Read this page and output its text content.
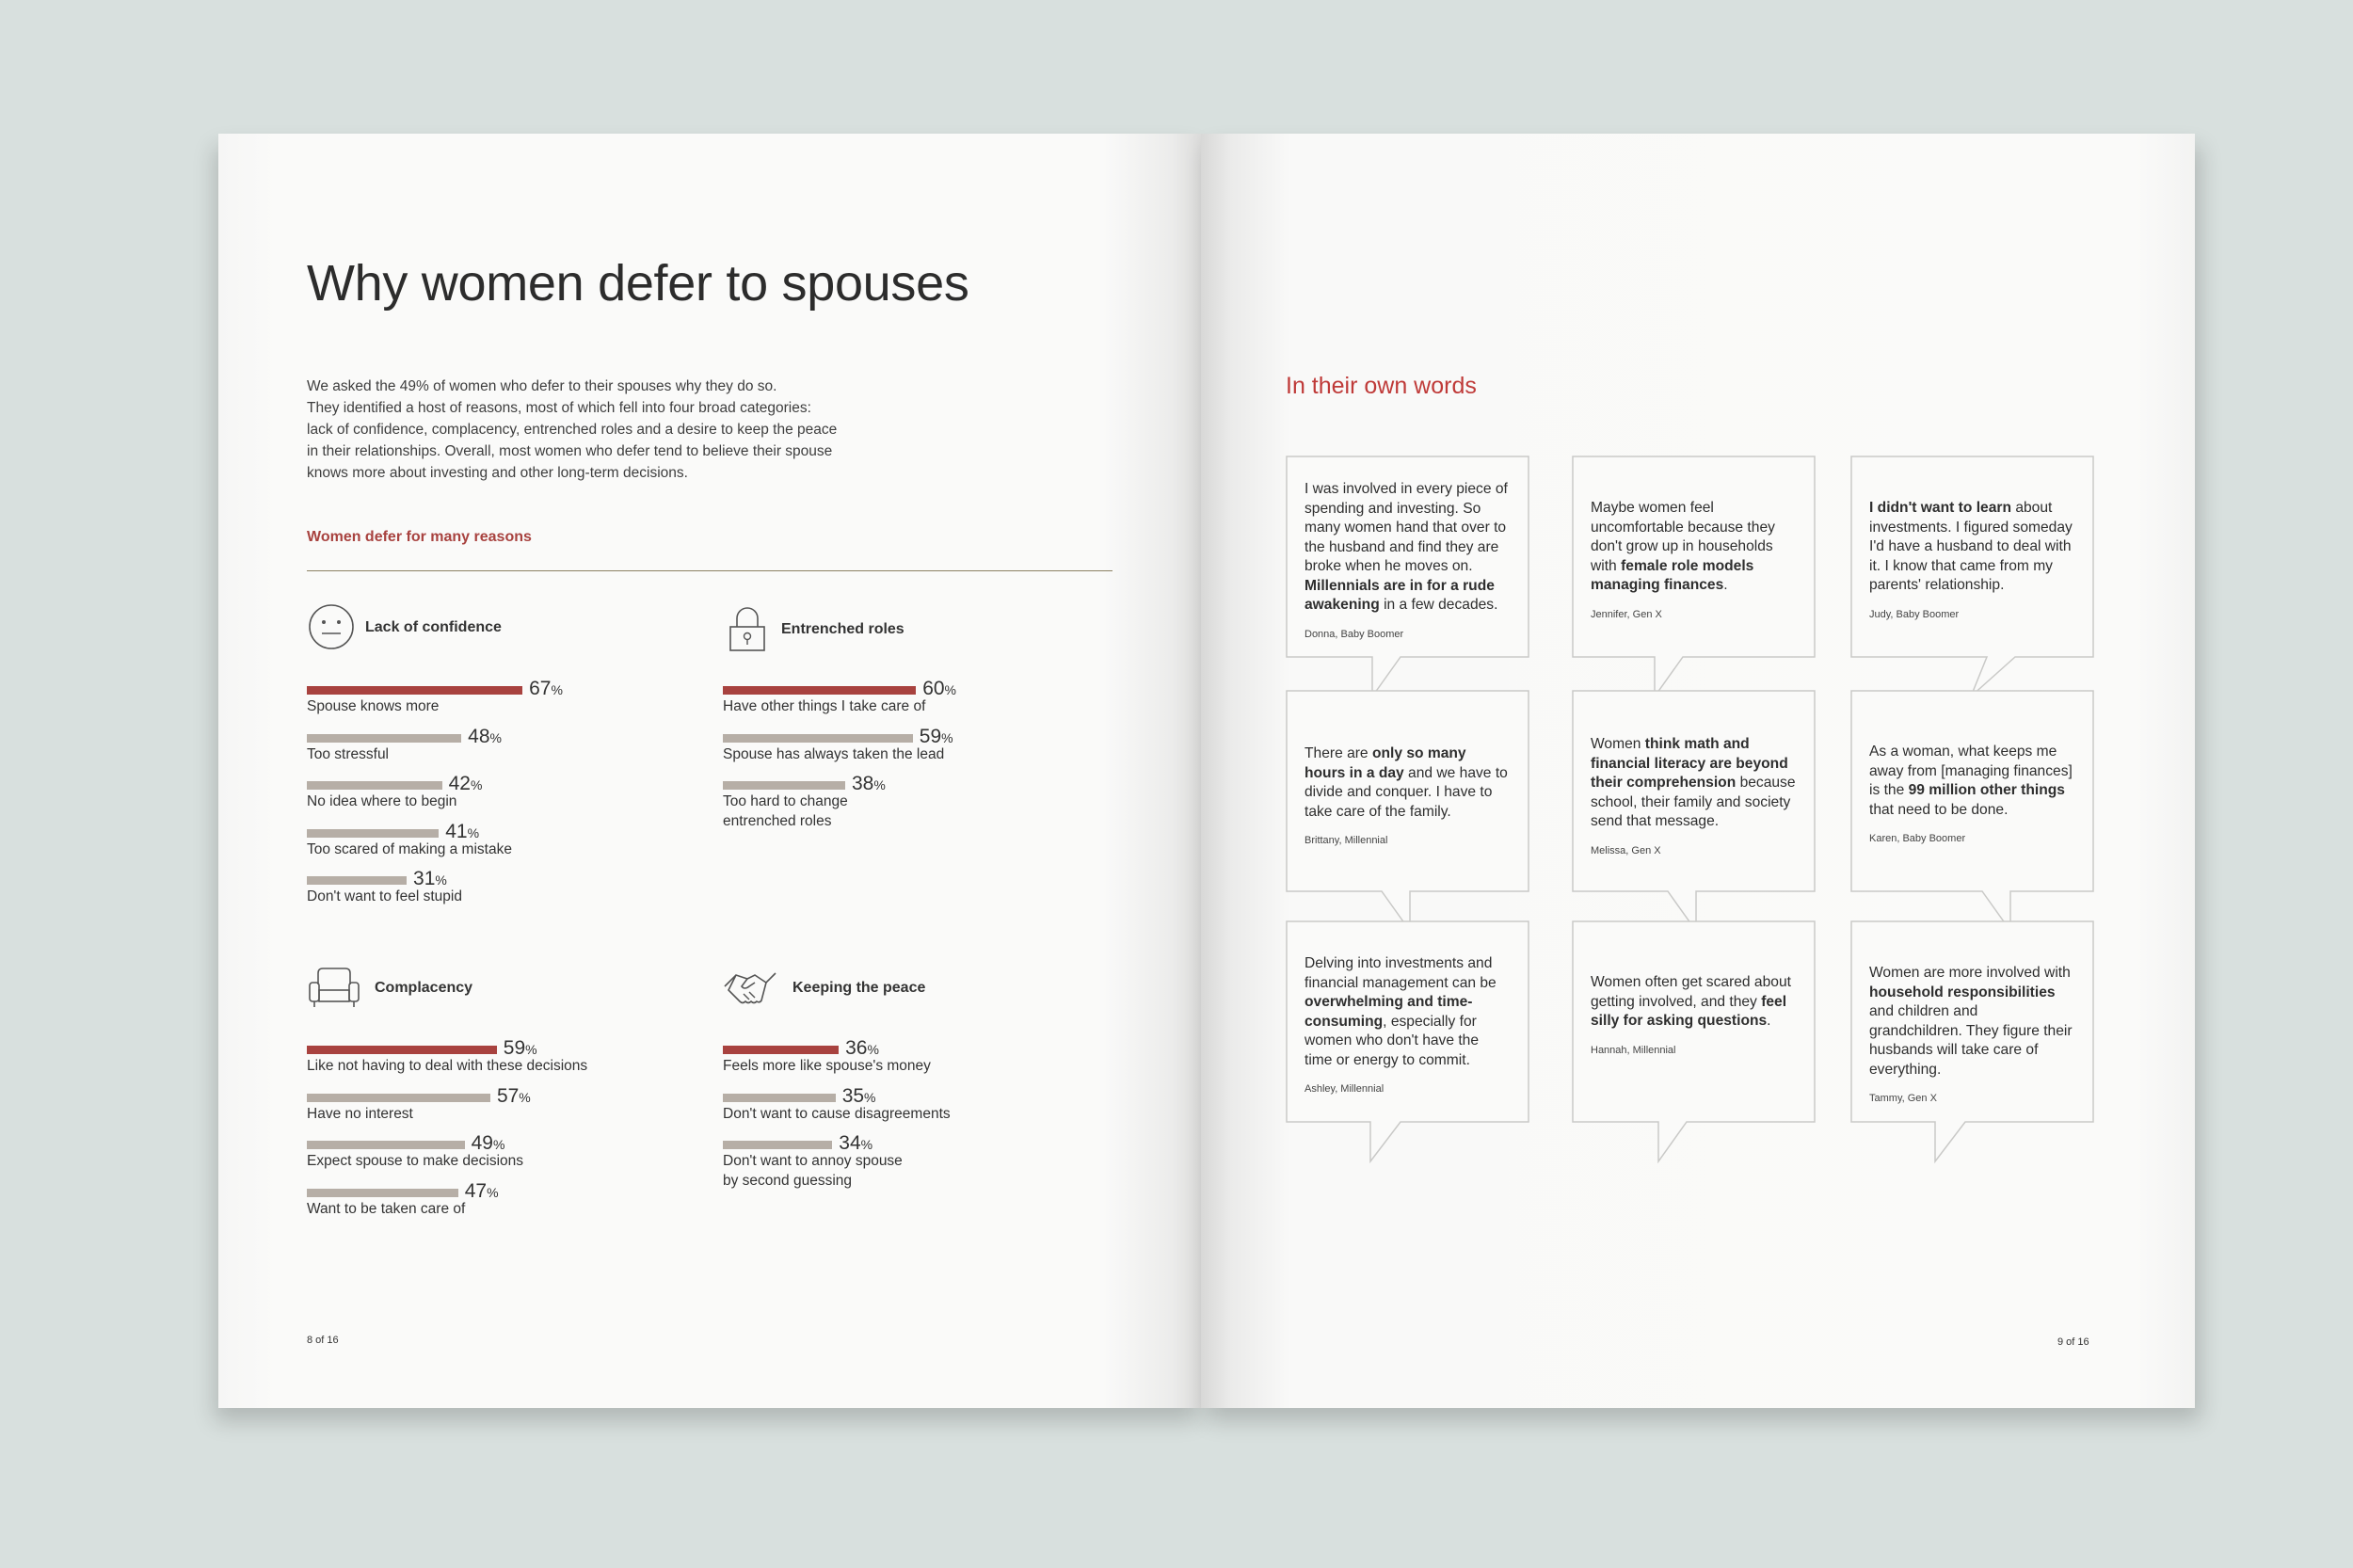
Why women defer to spouses
We asked the 49% of women who defer to their spouses why they do so.
They identified a host of reasons, most of which fell into four broad categories:
lack of confidence, complacency, entrenched roles and a desire to keep the peace
in their relationships. Overall, most women who defer tend to believe their spouse
knows more about investing and other long-term decisions.
Women defer for many reasons
Lack of confidence
67%
Spouse knows more
48%
Too stressful
42%
No idea where to begin
41%
Too scared of making a mistake
31%
Don't want to feel stupid
Entrenched roles
60%
Have other things I take care of
59%
Spouse has always taken the lead
38%
Too hard to change
entrenched roles
Complacency
59%
Like not having to deal with these decisions
57%
Have no interest
49%
Expect spouse to make decisions
47%
Want to be taken care of
Keeping the peace
36%
Feels more like spouse's money
35%
Don't want to cause disagreements
34%
Don't want to annoy spouse
by second guessing
8 of 16
In their own words
I was involved in every piece of spending and investing. So many women hand that over to the husband and find they are broke when he moves on. Millennials are in for a rude awakening in a few decades.
Donna, Baby Boomer
Maybe women feel uncomfortable because they don't grow up in households with female role models managing finances.
Jennifer, Gen X
I didn't want to learn about investments. I figured someday I'd have a husband to deal with it. I know that came from my parents' relationship.
Judy, Baby Boomer
There are only so many hours in a day and we have to divide and conquer. I have to take care of the family.
Brittany, Millennial
Women think math and financial literacy are beyond their comprehension because school, their family and society send that message.
Melissa, Gen X
As a woman, what keeps me away from [managing finances] is the 99 million other things that need to be done.
Karen, Baby Boomer
Delving into investments and financial management can be overwhelming and time-consuming, especially for women who don't have the time or energy to commit.
Ashley, Millennial
Women often get scared about getting involved, and they feel silly for asking questions.
Hannah, Millennial
Women are more involved with household responsibilities and children and grandchildren. They figure their husbands will take care of everything.
Tammy, Gen X
9 of 16
